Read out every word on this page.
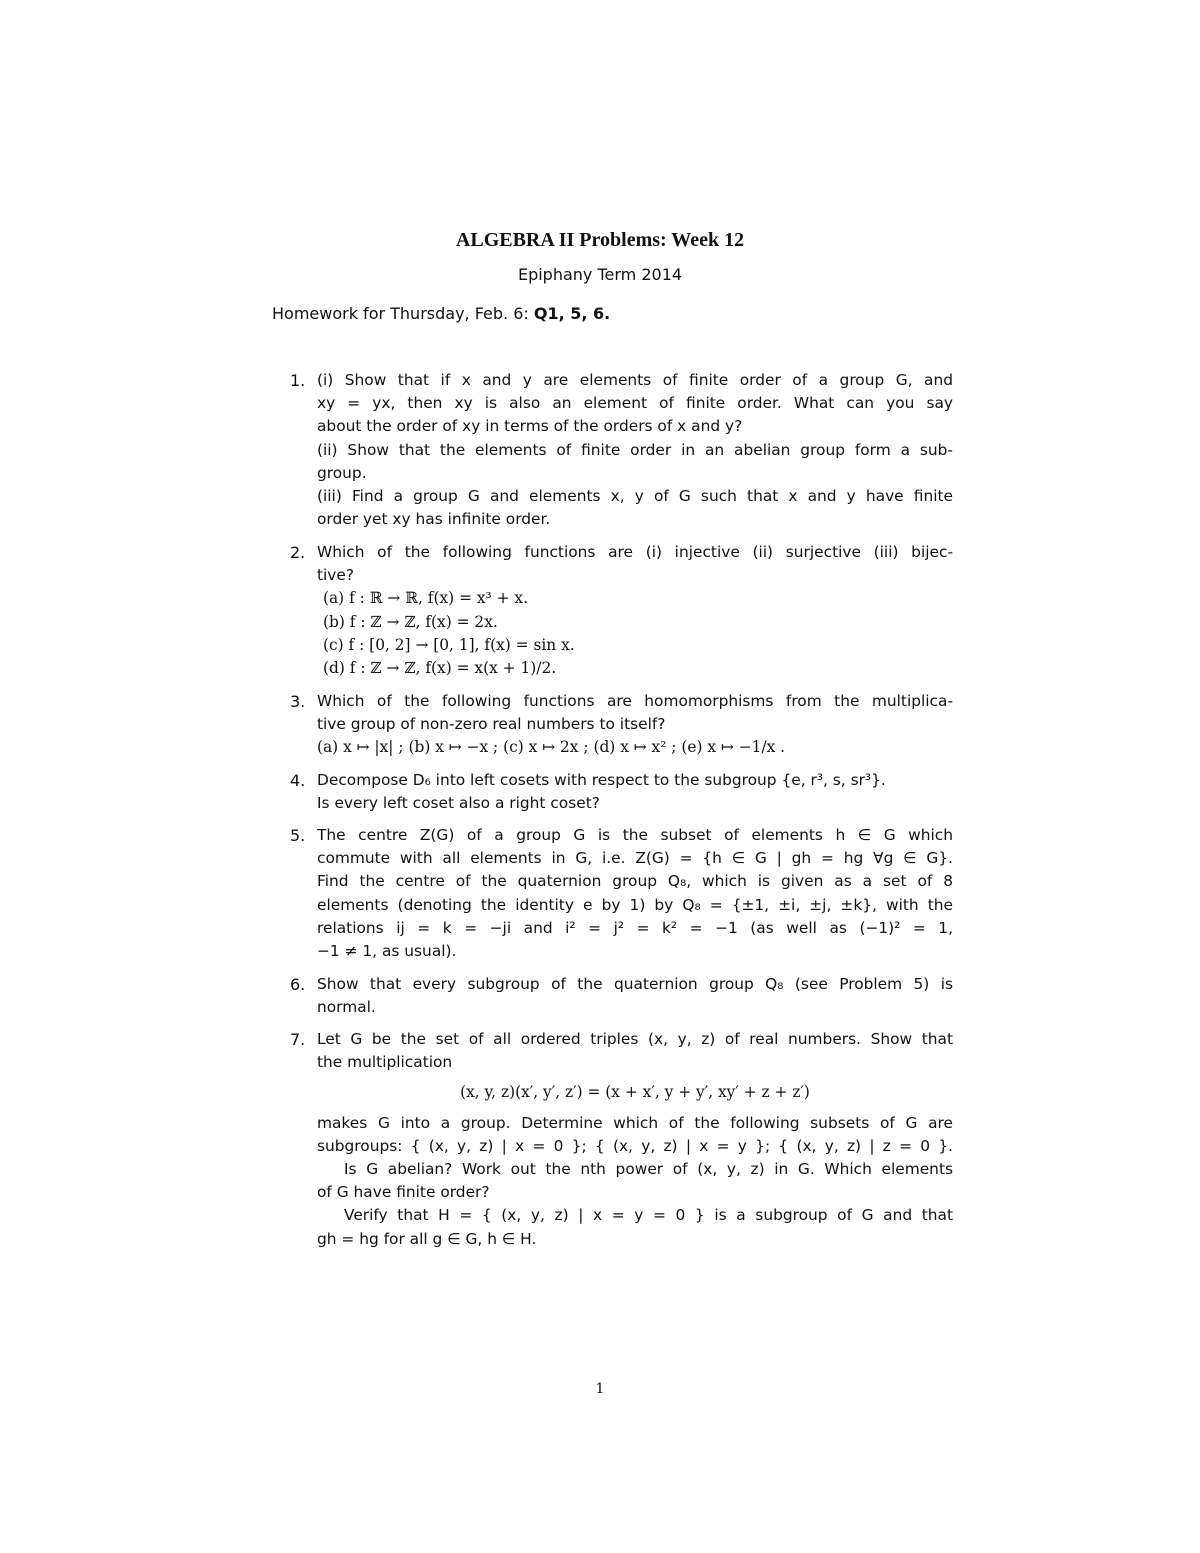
ALGEBRA II Problems: Week 12
Epiphany Term 2014
Homework for Thursday, Feb. 6: Q1, 5, 6.
1. (i) Show that if x and y are elements of finite order of a group G, and
xy = yx, then xy is also an element of finite order. What can you say
about the order of xy in terms of the orders of x and y?
(ii) Show that the elements of finite order in an abelian group form a sub-
group.
(iii) Find a group G and elements x, y of G such that x and y have finite
order yet xy has infinite order.
2. Which of the following functions are (i) injective (ii) surjective (iii) bijec-
tive?
(a) f : ℝ → ℝ, f(x) = x³ + x.
(b) f : ℤ → ℤ, f(x) = 2x.
(c) f : [0, 2] → [0, 1], f(x) = sin x.
(d) f : ℤ → ℤ, f(x) = x(x + 1)/2.
3. Which of the following functions are homomorphisms from the multiplica-
tive group of non-zero real numbers to itself?
(a) x ↦ |x| ; (b) x ↦ −x ; (c) x ↦ 2x ; (d) x ↦ x² ; (e) x ↦ −1/x .
4. Decompose D₆ into left cosets with respect to the subgroup {e, r³, s, sr³}.
Is every left coset also a right coset?
5. The centre Z(G) of a group G is the subset of elements h ∈ G which
commute with all elements in G, i.e. Z(G) = {h ∈ G | gh = hg ∀g ∈ G}.
Find the centre of the quaternion group Q₈, which is given as a set of 8
elements (denoting the identity e by 1) by Q₈ = {±1, ±i, ±j, ±k}, with the
relations ij = k = −ji and i² = j² = k² = −1 (as well as (−1)² = 1,
−1 ≠ 1, as usual).
6. Show that every subgroup of the quaternion group Q₈ (see Problem 5) is
normal.
7. Let G be the set of all ordered triples (x, y, z) of real numbers. Show that
the multiplication
(x, y, z)(x′, y′, z′) = (x + x′, y + y′, xy′ + z + z′)
makes G into a group. Determine which of the following subsets of G are
subgroups: { (x, y, z) | x = 0 }; { (x, y, z) | x = y }; { (x, y, z) | z = 0 }.
Is G abelian? Work out the nth power of (x, y, z) in G. Which elements
of G have finite order?
Verify that H = { (x, y, z) | x = y = 0 } is a subgroup of G and that
gh = hg for all g ∈ G, h ∈ H.
1
